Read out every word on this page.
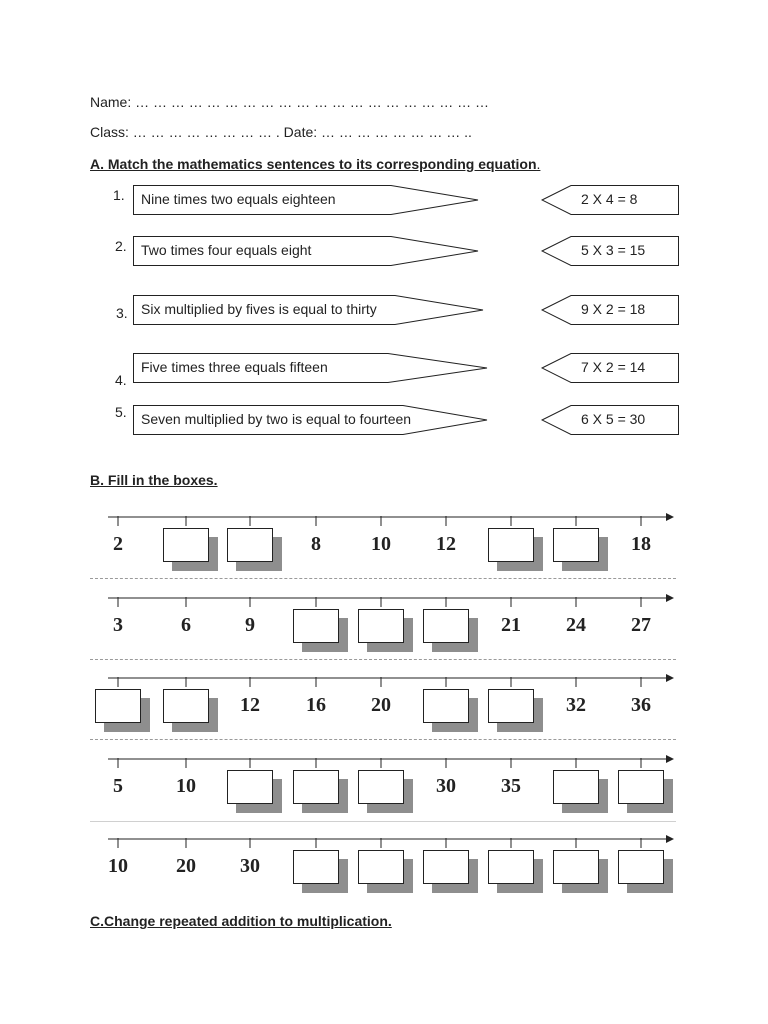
Name: … … … … … … … … … … … … … … … … … … … …
Class: … … … … … … … … . Date: … … … … … … … … ..
A. Match the mathematics sentences to its corresponding equation.
1. Nine times two equals eighteen	2 X 4 = 8
2. Two times four equals eight	5 X 3 = 15
3. Six multiplied by fives is equal to thirty	9 X 2 = 18
4.
Five times three equals fifteen	7 X 2 = 14
5. Seven multiplied by two is equal to fourteen	6 X 5 = 30
B. Fill in the boxes.
2	8	10	12	18
3	6	9	21	24	27
12	16	20	32	36
5	10	30	35
10	20	30
C.Change repeated addition to multiplication.
